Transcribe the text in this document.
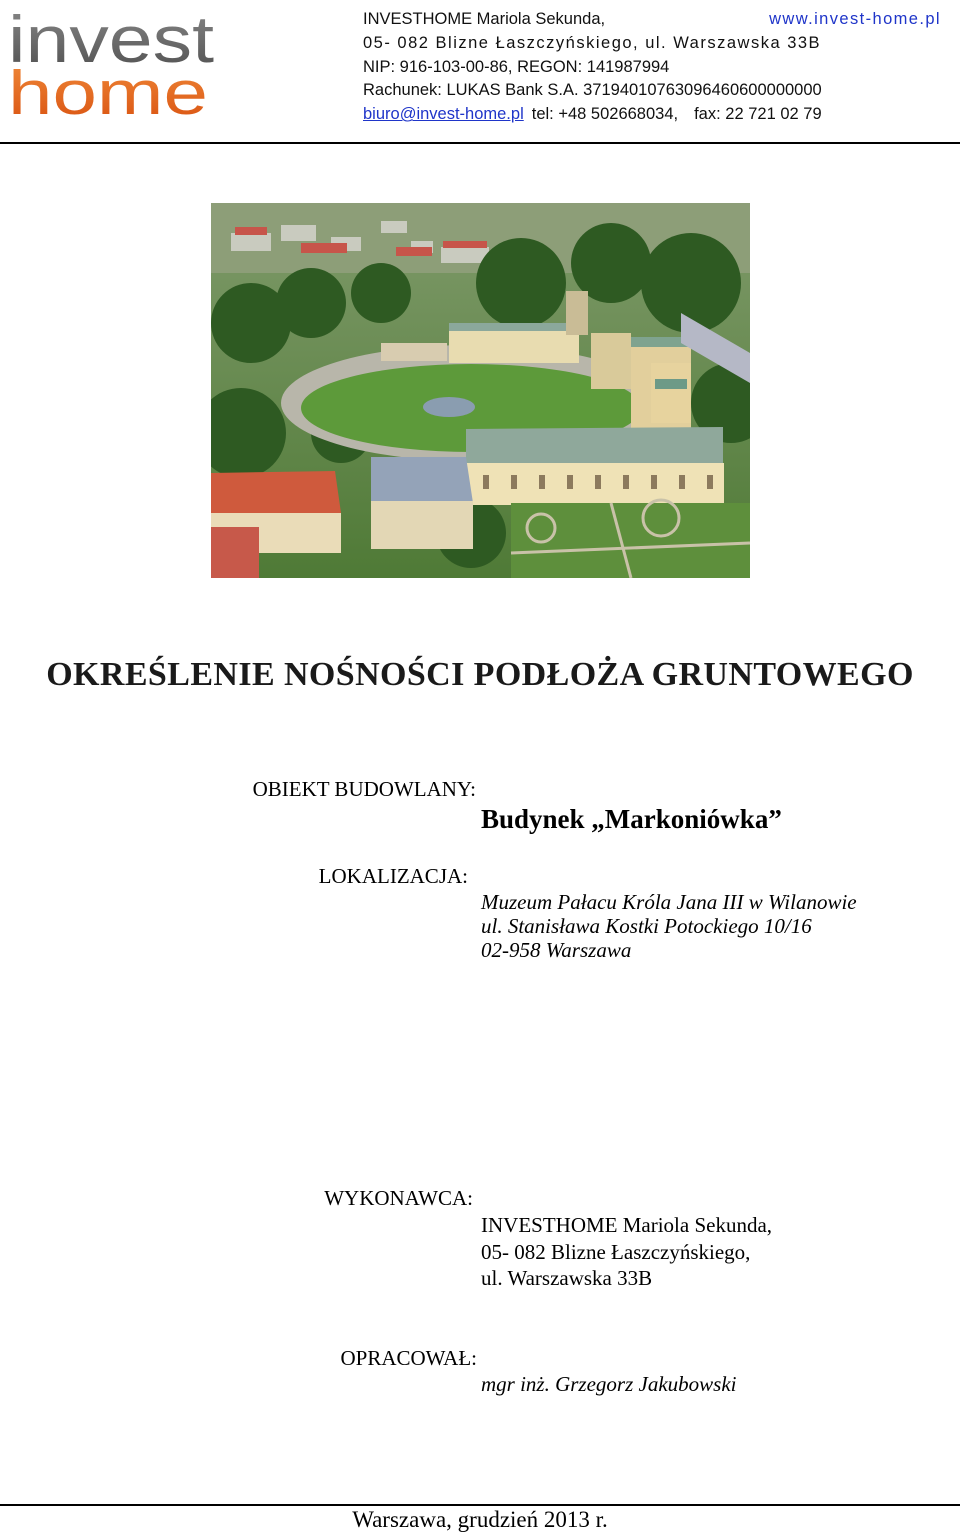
invest
home
INVESTHOME Mariola Sekunda,	www.invest-home.pl
05- 082 Blizne Łaszczyńskiego, ul. Warszawska 33B
NIP: 916-103-00-86, REGON: 141987994
Rachunek: LUKAS Bank S.A. 37194010763096460600000000
biuro@invest-home.pl tel: +48 502668034, fax: 22 721 02 79
OKREŚLENIE NOŚNOŚCI PODŁOŻA GRUNTOWEGO
OBIEKT BUDOWLANY:
Budynek „Markoniówka”
LOKALIZACJA:
Muzeum Pałacu Króla Jana III w Wilanowie
ul. Stanisława Kostki Potockiego 10/16
02-958 Warszawa
WYKONAWCA:
INVESTHOME Mariola Sekunda,
05- 082 Blizne Łaszczyńskiego,
ul. Warszawska 33B
OPRACOWAŁ:
mgr inż. Grzegorz Jakubowski
Warszawa, grudzień 2013 r.
